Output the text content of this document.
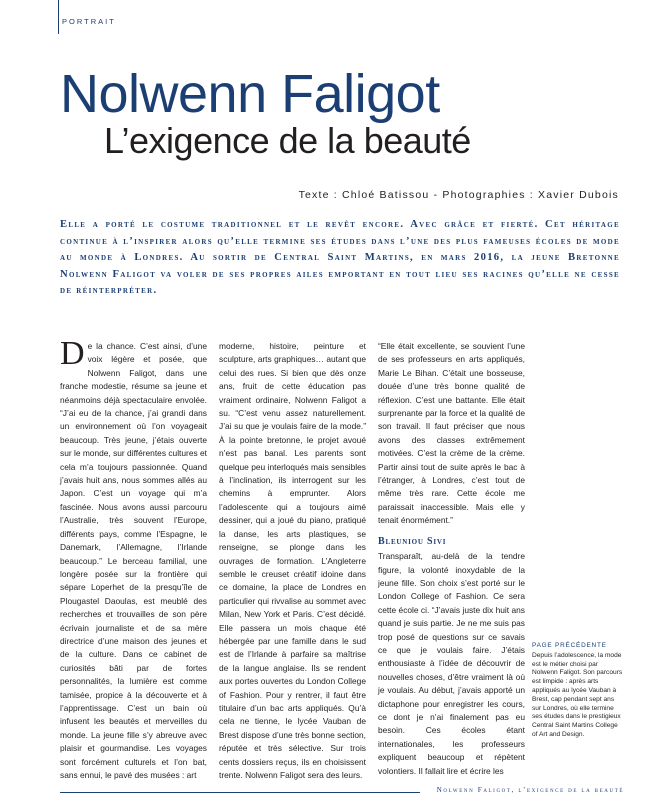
PORTRAIT
Nolwenn Faligot
L’exigence de la beauté

Texte : Chloé Batissou - Photographies : Xavier Dubois

Elle a porté le costume traditionnel et le revêt encore. Avec grâce et fierté. Cet héritage continue à l’inspirer alors qu’elle termine ses études dans l’une des plus fameuses écoles de mode au monde à Londres. Au sortir de Central Saint Martins, en mars 2016, la jeune Bretonne Nolwenn Faligot va voler de ses propres ailes emportant en tout lieu ses racines qu’elle ne cesse de réinterpréter.

De la chance. C’est ainsi, d’une voix légère et posée, que Nolwenn Faligot, dans une franche modestie, résume sa jeune et néanmoins déjà spectaculaire envolée. “J’ai eu de la chance, j’ai grandi dans un environnement où l’on voyageait beaucoup. Très jeune, j’étais ouverte sur le monde, sur différentes cultures et cela m’a toujours passionnée. Quand j’avais huit ans, nous sommes allés au Japon. C’est un voyage qui m’a fascinée. Nous avons aussi parcouru l’Australie, très souvent l’Europe, différents pays, comme l’Espagne, le Danemark, l’Allemagne, l’Irlande beaucoup.” Le berceau familial, une longère posée sur la frontière qui sépare Loperhet de la presqu’île de Plougastel Daoulas, est meublé des recherches et trouvailles de son père écrivain journaliste et de sa mère directrice d’une maison des jeunes et de la culture. Dans ce cabinet de curiosités bâti par de fortes personnalités, la lumière est comme tamisée, propice à la découverte et à l’apprentissage. C’est un bain où infusent les beautés et merveilles du monde. La jeune fille s’y abreuve avec plaisir et gourmandise. Les voyages sont forcément culturels et l’on bat, sans ennui, le pavé des musées : art

moderne, histoire, peinture et sculpture, arts graphiques… autant que celui des rues. Si bien que dès onze ans, fruit de cette éducation pas vraiment ordinaire, Nolwenn Faligot a su. “C’est venu assez naturellement. J’ai su que je voulais faire de la mode.” À la pointe bretonne, le projet avoué n’est pas banal. Les parents sont quelque peu interloqués mais sensibles à l’inclination, ils interrogent sur les chemins à emprunter. Alors l’adolescente qui a toujours aimé dessiner, qui a joué du piano, pratiqué la danse, les arts plastiques, se renseigne, se plonge dans les ouvrages de formation. L’Angleterre semble le creuset créatif idoine dans ce domaine, la place de Londres en particulier qui rivvalise au sommet avec Milan, New York et Paris. C’est décidé. Elle passera un mois chaque été hébergée par une famille dans le sud est de l’Irlande à parfaire sa maîtrise de la langue anglaise. Ils se rendent aux portes ouvertes du London College of Fashion. Pour y rentrer, il faut être titulaire d’un bac arts appliqués. Qu’à cela ne tienne, le lycée Vauban de Brest dispose d’une très bonne section, réputée et très sélective. Sur trois cents dossiers reçus, ils en choisissent trente. Nolwenn Faligot sera des leurs.

“Elle était excellente, se souvient l’une de ses professeurs en arts appliqués, Marie Le Bihan. C’était une bosseuse, douée d’une très bonne qualité de réflexion. C’est une battante. Elle était surprenante par la force et la qualité de son travail. Il faut préciser que nous avons des classes extrêmement motivées. C’est la crème de la crème. Partir ainsi tout de suite après le bac à l’étranger, à Londres, c’est tout de même très rare. Cette école me paraissait inaccessible. Mais elle y tenait énormément.”

Bleuniou Sivi

Transparaît, au-delà de la tendre figure, la volonté inoxydable de la jeune fille. Son choix s’est porté sur le London College of Fashion. Ce sera cette école ci. “J’avais juste dix huit ans quand je suis partie. Je ne me suis pas trop posé de questions sur ce savais ce que je voulais faire. J’étais enthousiaste à l’idée de découvrir de nouvelles choses, d’être vraiment là où je voulais. Au début, j’avais apporté un dictaphone pour enregistrer les cours, ce dont je n’ai finalement pas eu besoin. Ces écoles étant internationales, les professeurs expliquent beaucoup et répètent volontiers. Il fallait lire et écrire les

PAGE PRÉCÉDENTE
Depuis l’adolescence, la mode est le métier choisi par Nolwenn Faligot. Son parcours est limpide : après arts appliqués au lycée Vauban à Brest, cap pendant sept ans sur Londres, où elle termine ses études dans le prestigieux Central Saint Martins College of Art and Design.
Nolwenn Faligot, l’exigence de la beauté
